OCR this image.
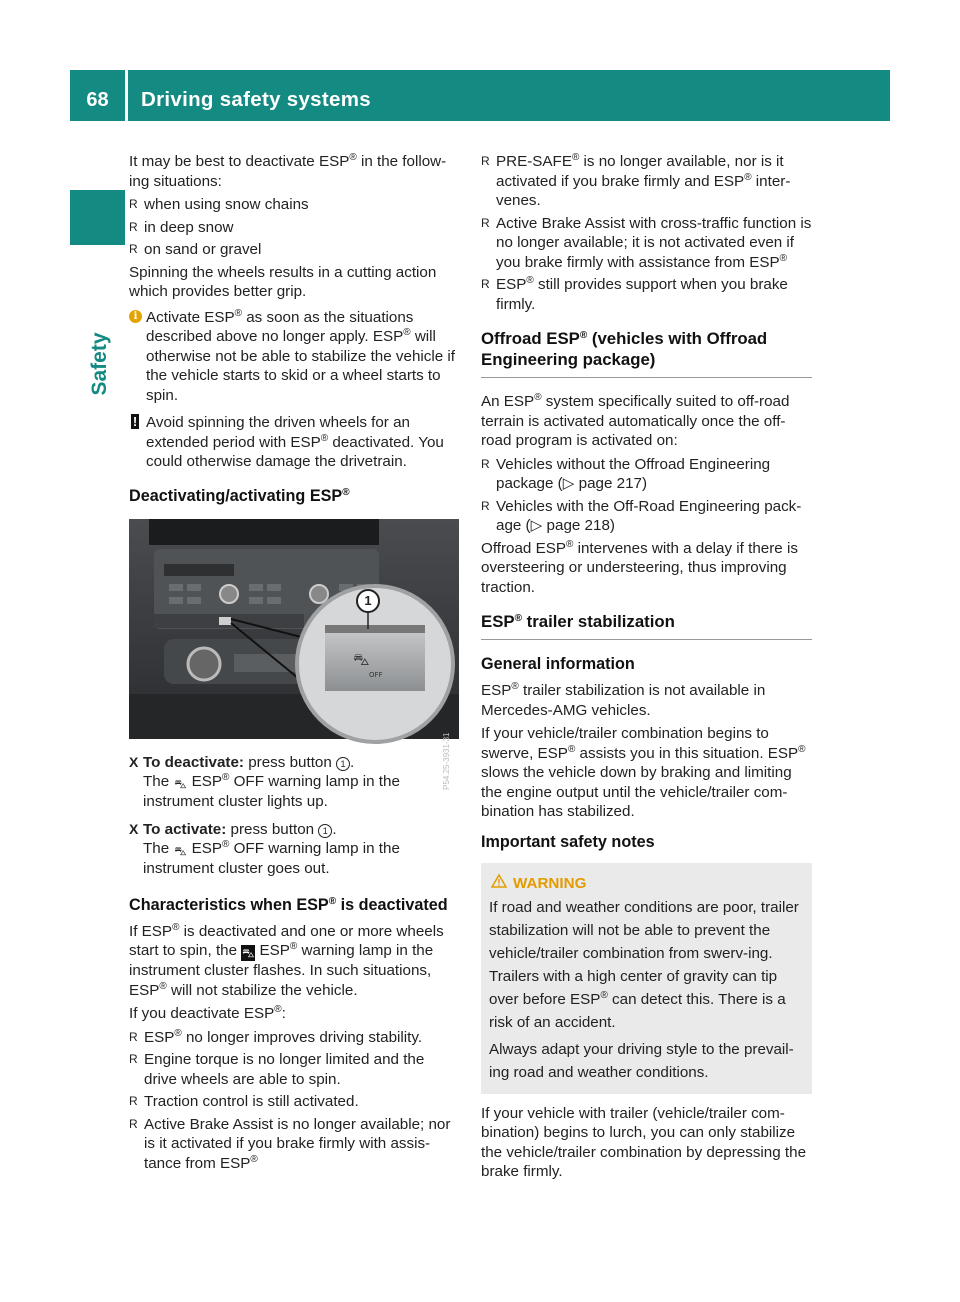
68	Driving safety systems
Safety

It may be best to deactivate ESP® in the follow-ing situations:

R when using snow chains
R in deep snow
R on sand or gravel

Spinning the wheels results in a cutting action which provides better grip.

i Activate ESP® as soon as the situations described above no longer apply. ESP® will otherwise not be able to stabilize the vehicle if the vehicle starts to skid or a wheel starts to spin.
! Avoid spinning the driven wheels for an extended period with ESP® deactivated. You could otherwise damage the drivetrain.
Deactivating/activating ESP®
⛍
OFF
1
P54.25-3931-31
X To deactivate: press button 1 .
The ⛍ ESP® OFF warning lamp in the instrument cluster lights up.
X To activate: press button 1 .
The ⛍ ESP® OFF warning lamp in the instrument cluster goes out.
Characteristics when ESP® is deactivated

If ESP® is deactivated and one or more wheels start to spin, the ⛍ ESP® warning lamp in the instrument cluster flashes. In such situations, ESP® will not stabilize the vehicle.

If you deactivate ESP®:

R ESP® no longer improves driving stability.
R Engine torque is no longer limited and the drive wheels are able to spin.
R Traction control is still activated.
R Active Brake Assist is no longer available; nor is it activated if you brake firmly with assis-tance from ESP®
R PRE-SAFE® is no longer available, nor is it activated if you brake firmly and ESP® inter-venes.
R Active Brake Assist with cross-traffic function is no longer available; it is not activated even if you brake firmly with assistance from ESP®
R ESP® still provides support when you brake firmly.
Offroad ESP® (vehicles with Offroad Engineering package)

An ESP® system specifically suited to off-road terrain is activated automatically once the off-road program is activated on:

R Vehicles without the Offroad Engineering package (▷ page 217)
R Vehicles with the Off-Road Engineering pack-age (▷ page 218)

Offroad ESP® intervenes with a delay if there is oversteering or understeering, thus improving traction.

ESP® trailer stabilization
General information

ESP® trailer stabilization is not available in Mercedes-AMG vehicles.

If your vehicle/trailer combination begins to swerve, ESP® assists you in this situation. ESP® slows the vehicle down by braking and limiting the engine output until the vehicle/trailer com-bination has stabilized.

Important safety notes
WARNING

If road and weather conditions are poor, trailer stabilization will not be able to prevent the vehicle/trailer combination from swerv-ing. Trailers with a high center of gravity can tip over before ESP® can detect this. There is a risk of an accident.

Always adapt your driving style to the prevail-ing road and weather conditions.

If your vehicle with trailer (vehicle/trailer com-bination) begins to lurch, you can only stabilize the vehicle/trailer combination by depressing the brake firmly.
